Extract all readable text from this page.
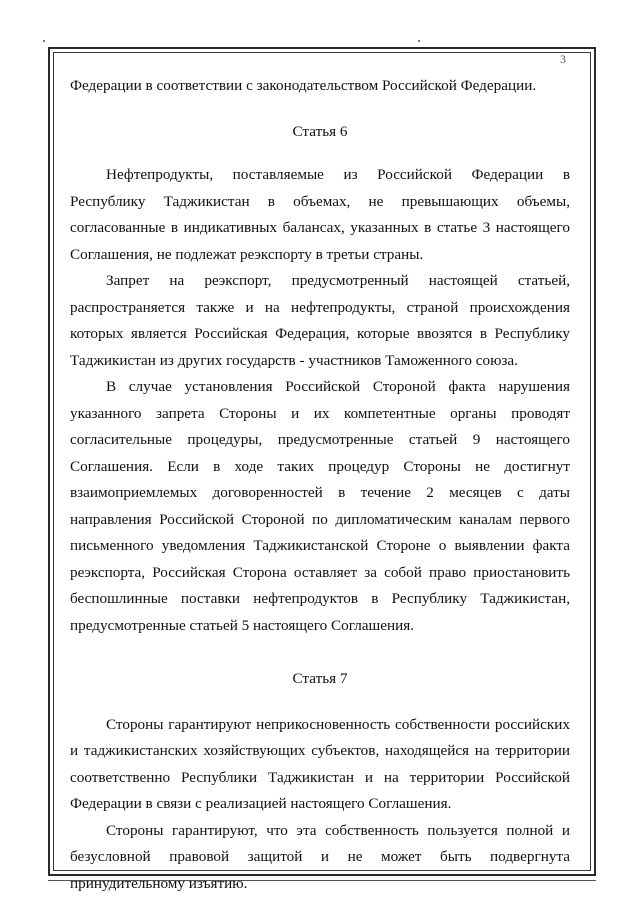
3

Федерации в соответствии с законодательством Российской Федерации.

Статья 6

Нефтепродукты, поставляемые из Российской Федерации в Республику Таджикистан в объемах, не превышающих объемы, согласованные в индикативных балансах, указанных в статье 3 настоящего Соглашения, не подлежат реэкспорту в третьи страны.

Запрет на реэкспорт, предусмотренный настоящей статьей, распространяется также и на нефтепродукты, страной происхождения которых является Российская Федерация, которые ввозятся в Республику Таджикистан из других государств - участников Таможенного союза.

В случае установления Российской Стороной факта нарушения указанного запрета Стороны и их компетентные органы проводят согласительные процедуры, предусмотренные статьей 9 настоящего Соглашения. Если в ходе таких процедур Стороны не достигнут взаимоприемлемых договоренностей в течение 2 месяцев с даты направления Российской Стороной по дипломатическим каналам первого письменного уведомления Таджикистанской Стороне о выявлении факта реэкспорта, Российская Сторона оставляет за собой право приостановить беспошлинные поставки нефтепродуктов в Республику Таджикистан, предусмотренные статьей 5 настоящего Соглашения.

Статья 7

Стороны гарантируют неприкосновенность собственности российских и таджикистанских хозяйствующих субъектов, находящейся на территории соответственно Республики Таджикистан и на территории Российской Федерации в связи с реализацией настоящего Соглашения.

Стороны гарантируют, что эта собственность пользуется полной и безусловной правовой защитой и не может быть подвергнута принудительному изъятию.
